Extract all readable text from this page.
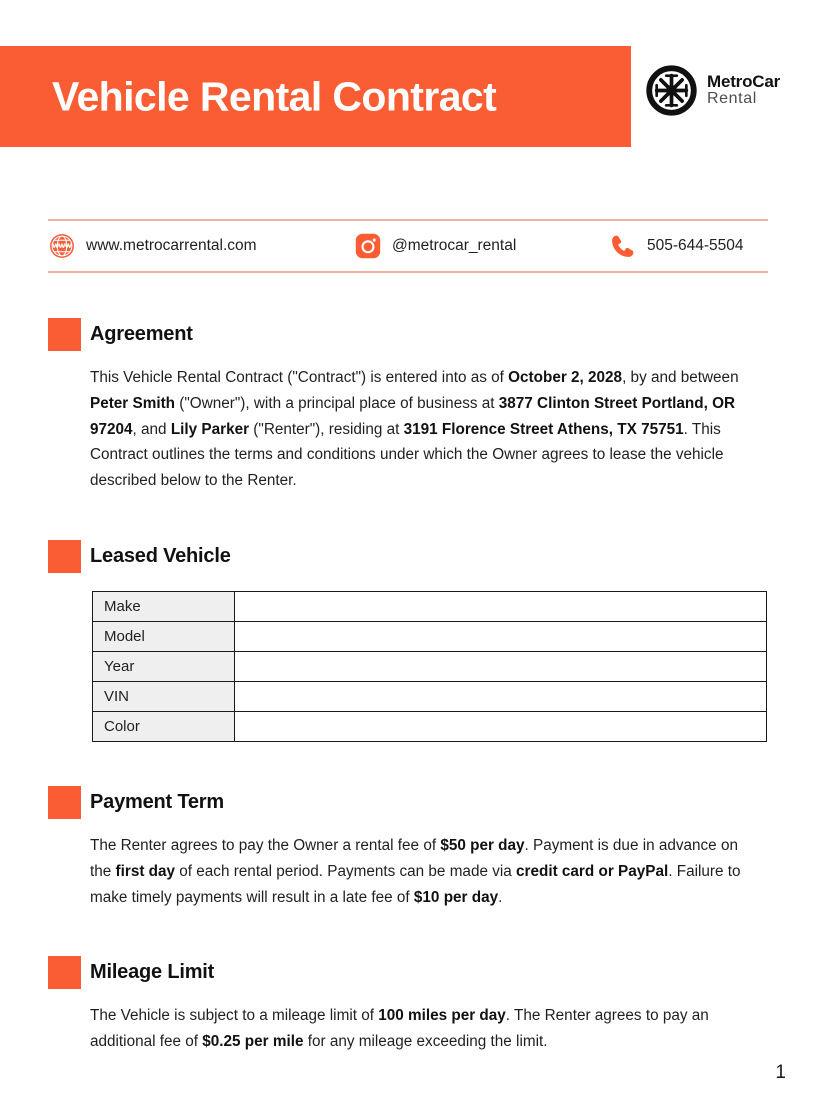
Vehicle Rental Contract	MetroCar
Rental
WWW www.metrocarrental.com	@metrocar_rental	505-644-5504
Agreement

This Vehicle Rental Contract ("Contract") is entered into as of October 2, 2028, by and between Peter Smith ("Owner"), with a principal place of business at 3877 Clinton Street Portland, OR 97204, and Lily Parker ("Renter"), residing at 3191 Florence Street Athens, TX 75751. This Contract outlines the terms and conditions under which the Owner agrees to lease the vehicle described below to the Renter.

Leased Vehicle
Make	
Model	
Year	
VIN	
Color	
Payment Term

The Renter agrees to pay the Owner a rental fee of $50 per day. Payment is due in advance on the first day of each rental period. Payments can be made via credit card or PayPal. Failure to make timely payments will result in a late fee of $10 per day.

Mileage Limit

The Vehicle is subject to a mileage limit of 100 miles per day. The Renter agrees to pay an additional fee of $0.25 per mile for any mileage exceeding the limit.

1
